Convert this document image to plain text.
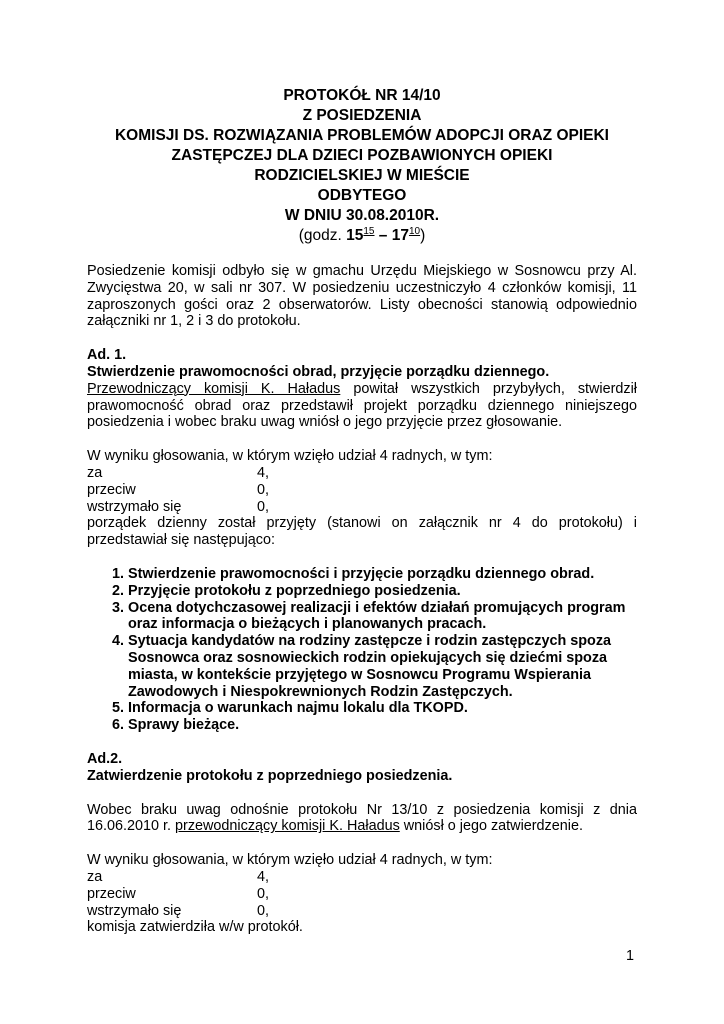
PROTOKÓŁ NR 14/10
Z POSIEDZENIA
KOMISJI DS. ROZWIĄZANIA PROBLEMÓW ADOPCJI ORAZ OPIEKI
ZASTĘPCZEJ DLA DZIECI POZBAWIONYCH OPIEKI
RODZICIELSKIEJ W MIEŚCIE
ODBYTEGO
W DNIU 30.08.2010R.
(godz. $15^{15} - 17^{10}$)

Posiedzenie komisji odbyło się w gmachu Urzędu Miejskiego w Sosnowcu przy Al. Zwycięstwa 20, w sali nr 307. W posiedzeniu uczestniczyło 4 członków komisji, 11 zaproszonych gości oraz 2 obserwatorów. Listy obecności stanowią odpowiednio załączniki nr 1, 2 i 3 do protokołu.

Ad. 1.

Stwierdzenie prawomocności obrad, przyjęcie porządku dziennego.

Przewodniczący komisji K. Haładus powitał wszystkich przybyłych, stwierdził prawomocność obrad oraz przedstawił projekt porządku dziennego niniejszego posiedzenia i wobec braku uwag wniósł o jego przyjęcie przez głosowanie.

W wyniku głosowania, w którym wzięło udział 4 radnych, w tym:

za	4,
przeciw	0,
wstrzymało się	0,

porządek dzienny został przyjęty (stanowi on załącznik nr 4 do protokołu) i przedstawiał się następująco:

1. Stwierdzenie prawomocności i przyjęcie porządku dziennego obrad.
2. Przyjęcie protokołu z poprzedniego posiedzenia.
3. Ocena dotychczasowej realizacji i efektów działań promujących program oraz informacja o bieżących i planowanych pracach.
4. Sytuacja kandydatów na rodziny zastępcze i rodzin zastępczych spoza Sosnowca oraz sosnowieckich rodzin opiekujących się dziećmi spoza miasta, w kontekście przyjętego w Sosnowcu Programu Wspierania Zawodowych i Niespokrewnionych Rodzin Zastępczych.
5. Informacja o warunkach najmu lokalu dla TKOPD.
6. Sprawy bieżące.

Ad.2.

Zatwierdzenie protokołu z poprzedniego posiedzenia.

Wobec braku uwag odnośnie protokołu Nr 13/10 z posiedzenia komisji z dnia 16.06.2010 r. przewodniczący komisji K. Haładus wniósł o jego zatwierdzenie.

W wyniku głosowania, w którym wzięło udział 4 radnych, w tym:

za	4,
przeciw	0,
wstrzymało się	0,

komisja zatwierdziła w/w protokół.

1
